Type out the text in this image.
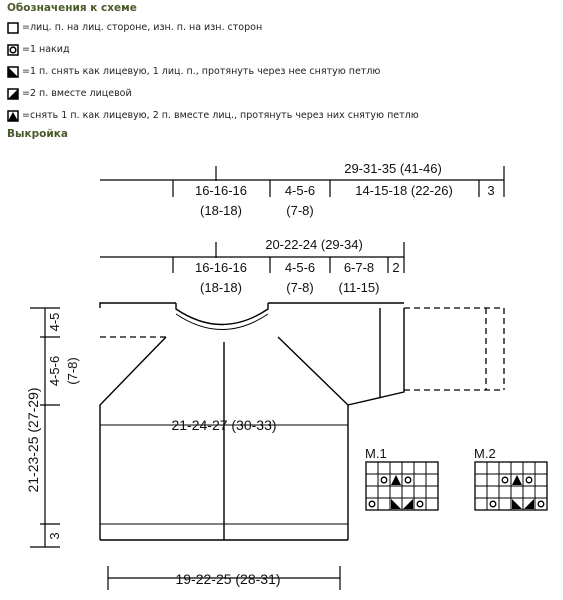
Обозначения к схеме
=лиц. п. на лиц. стороне, изн. п. на изн. сторон
=1 накид
=1 п. снять как лицевую, 1 лиц. п., протянуть через нее снятую петлю
=2 п. вместе лицевой
=снять 1 п. как лицевую, 2 п. вместе лиц., протянуть через них снятую петлю
Выкройка
29-31-35 (41-46)
16-16-16
(18-18)
4-5-6
(7-8)
14-15-18 (22-26)	3
20-22-24 (29-34)
16-16-16
(18-18)
4-5-6
(7-8)
6-7-8
(11-15)
2
21-24-27 (30-33)
19-22-25 (28-31)
4-5
4-5-6 (7-8)
21-23-25 (27-29)
3
M.1	M.2
